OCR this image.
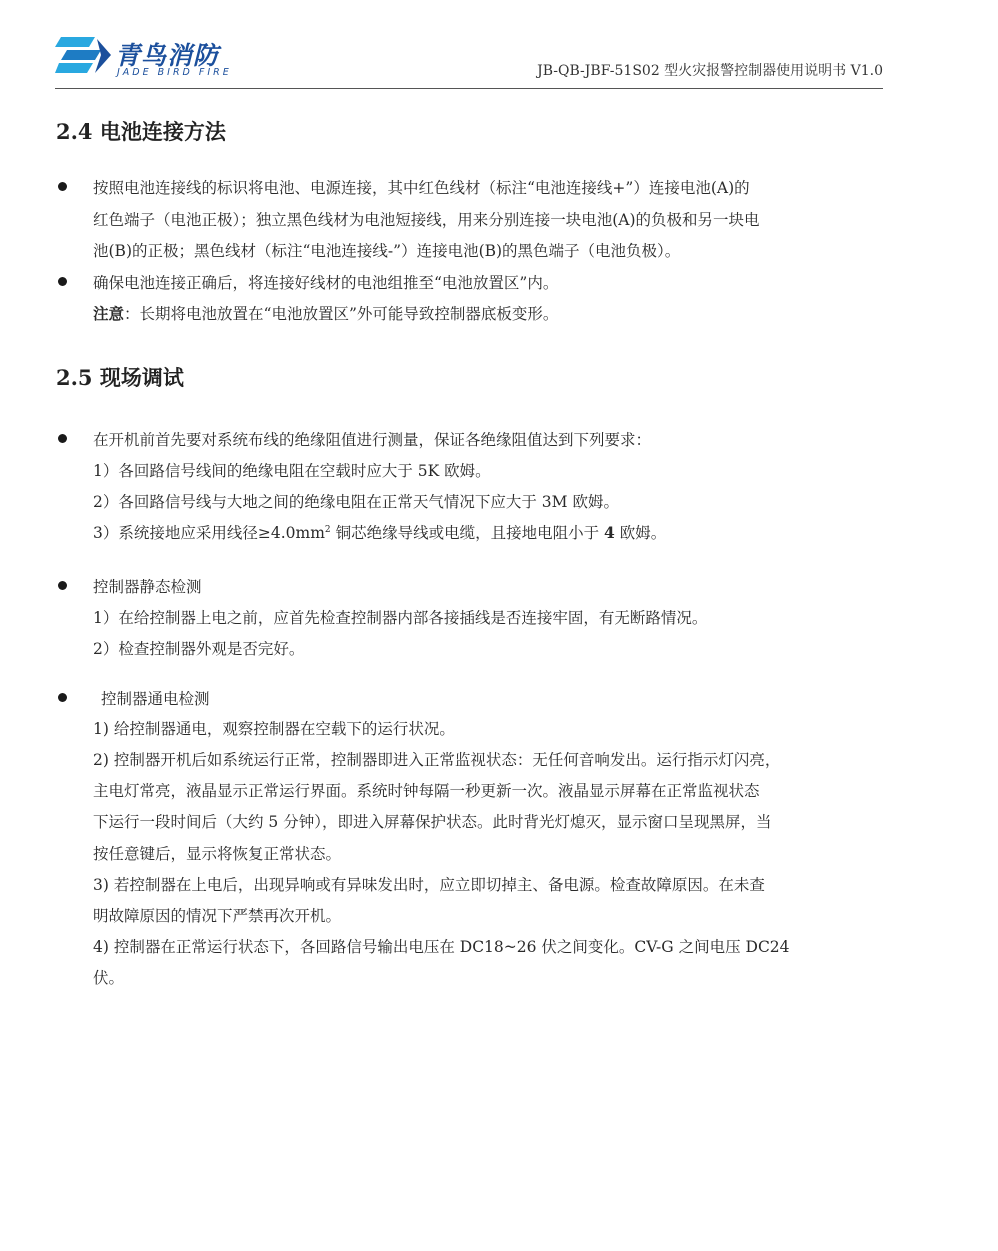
青鸟消防
JADE BIRD FIRE	JB-QB-JBF-51S02 型火灾报警控制器使用说明书 V1.0
2.4 电池连接方法
按照电池连接线的标识将电池、电源连接，其中红色线材（标注“电池连接线+”）连接电池(A)的
红色端子（电池正极）；独立黑色线材为电池短接线，用来分别连接一块电池(A)的负极和另一块电
池(B)的正极；黑色线材（标注“电池连接线-”）连接电池(B)的黑色端子（电池负极）。
确保电池连接正确后，将连接好线材的电池组推至“电池放置区”内。
注意：长期将电池放置在“电池放置区”外可能导致控制器底板变形。
2.5 现场调试
在开机前首先要对系统布线的绝缘阻值进行测量，保证各绝缘阻值达到下列要求：
1）各回路信号线间的绝缘电阻在空载时应大于 5K 欧姆。
2）各回路信号线与大地之间的绝缘电阻在正常天气情况下应大于 3M 欧姆。
3）系统接地应采用线径$\ge 4.0mm^2$ 铜芯绝缘导线或电缆，且接地电阻小于 4 欧姆。
控制器静态检测
1）在给控制器上电之前，应首先检查控制器内部各接插线是否连接牢固，有无断路情况。
2）检查控制器外观是否完好。
控制器通电检测
1) 给控制器通电，观察控制器在空载下的运行状况。
2) 控制器开机后如系统运行正常，控制器即进入正常监视状态：无任何音响发出。运行指示灯闪亮，
主电灯常亮，液晶显示正常运行界面。系统时钟每隔一秒更新一次。液晶显示屏幕在正常监视状态
下运行一段时间后（大约 5 分钟），即进入屏幕保护状态。此时背光灯熄灭，显示窗口呈现黑屏，当
按任意键后，显示将恢复正常状态。
3) 若控制器在上电后，出现异响或有异味发出时，应立即切掉主、备电源。检查故障原因。在未查
明故障原因的情况下严禁再次开机。
4) 控制器在正常运行状态下，各回路信号输出电压在 DC18~26 伏之间变化。CV-G 之间电压 DC24
伏。
